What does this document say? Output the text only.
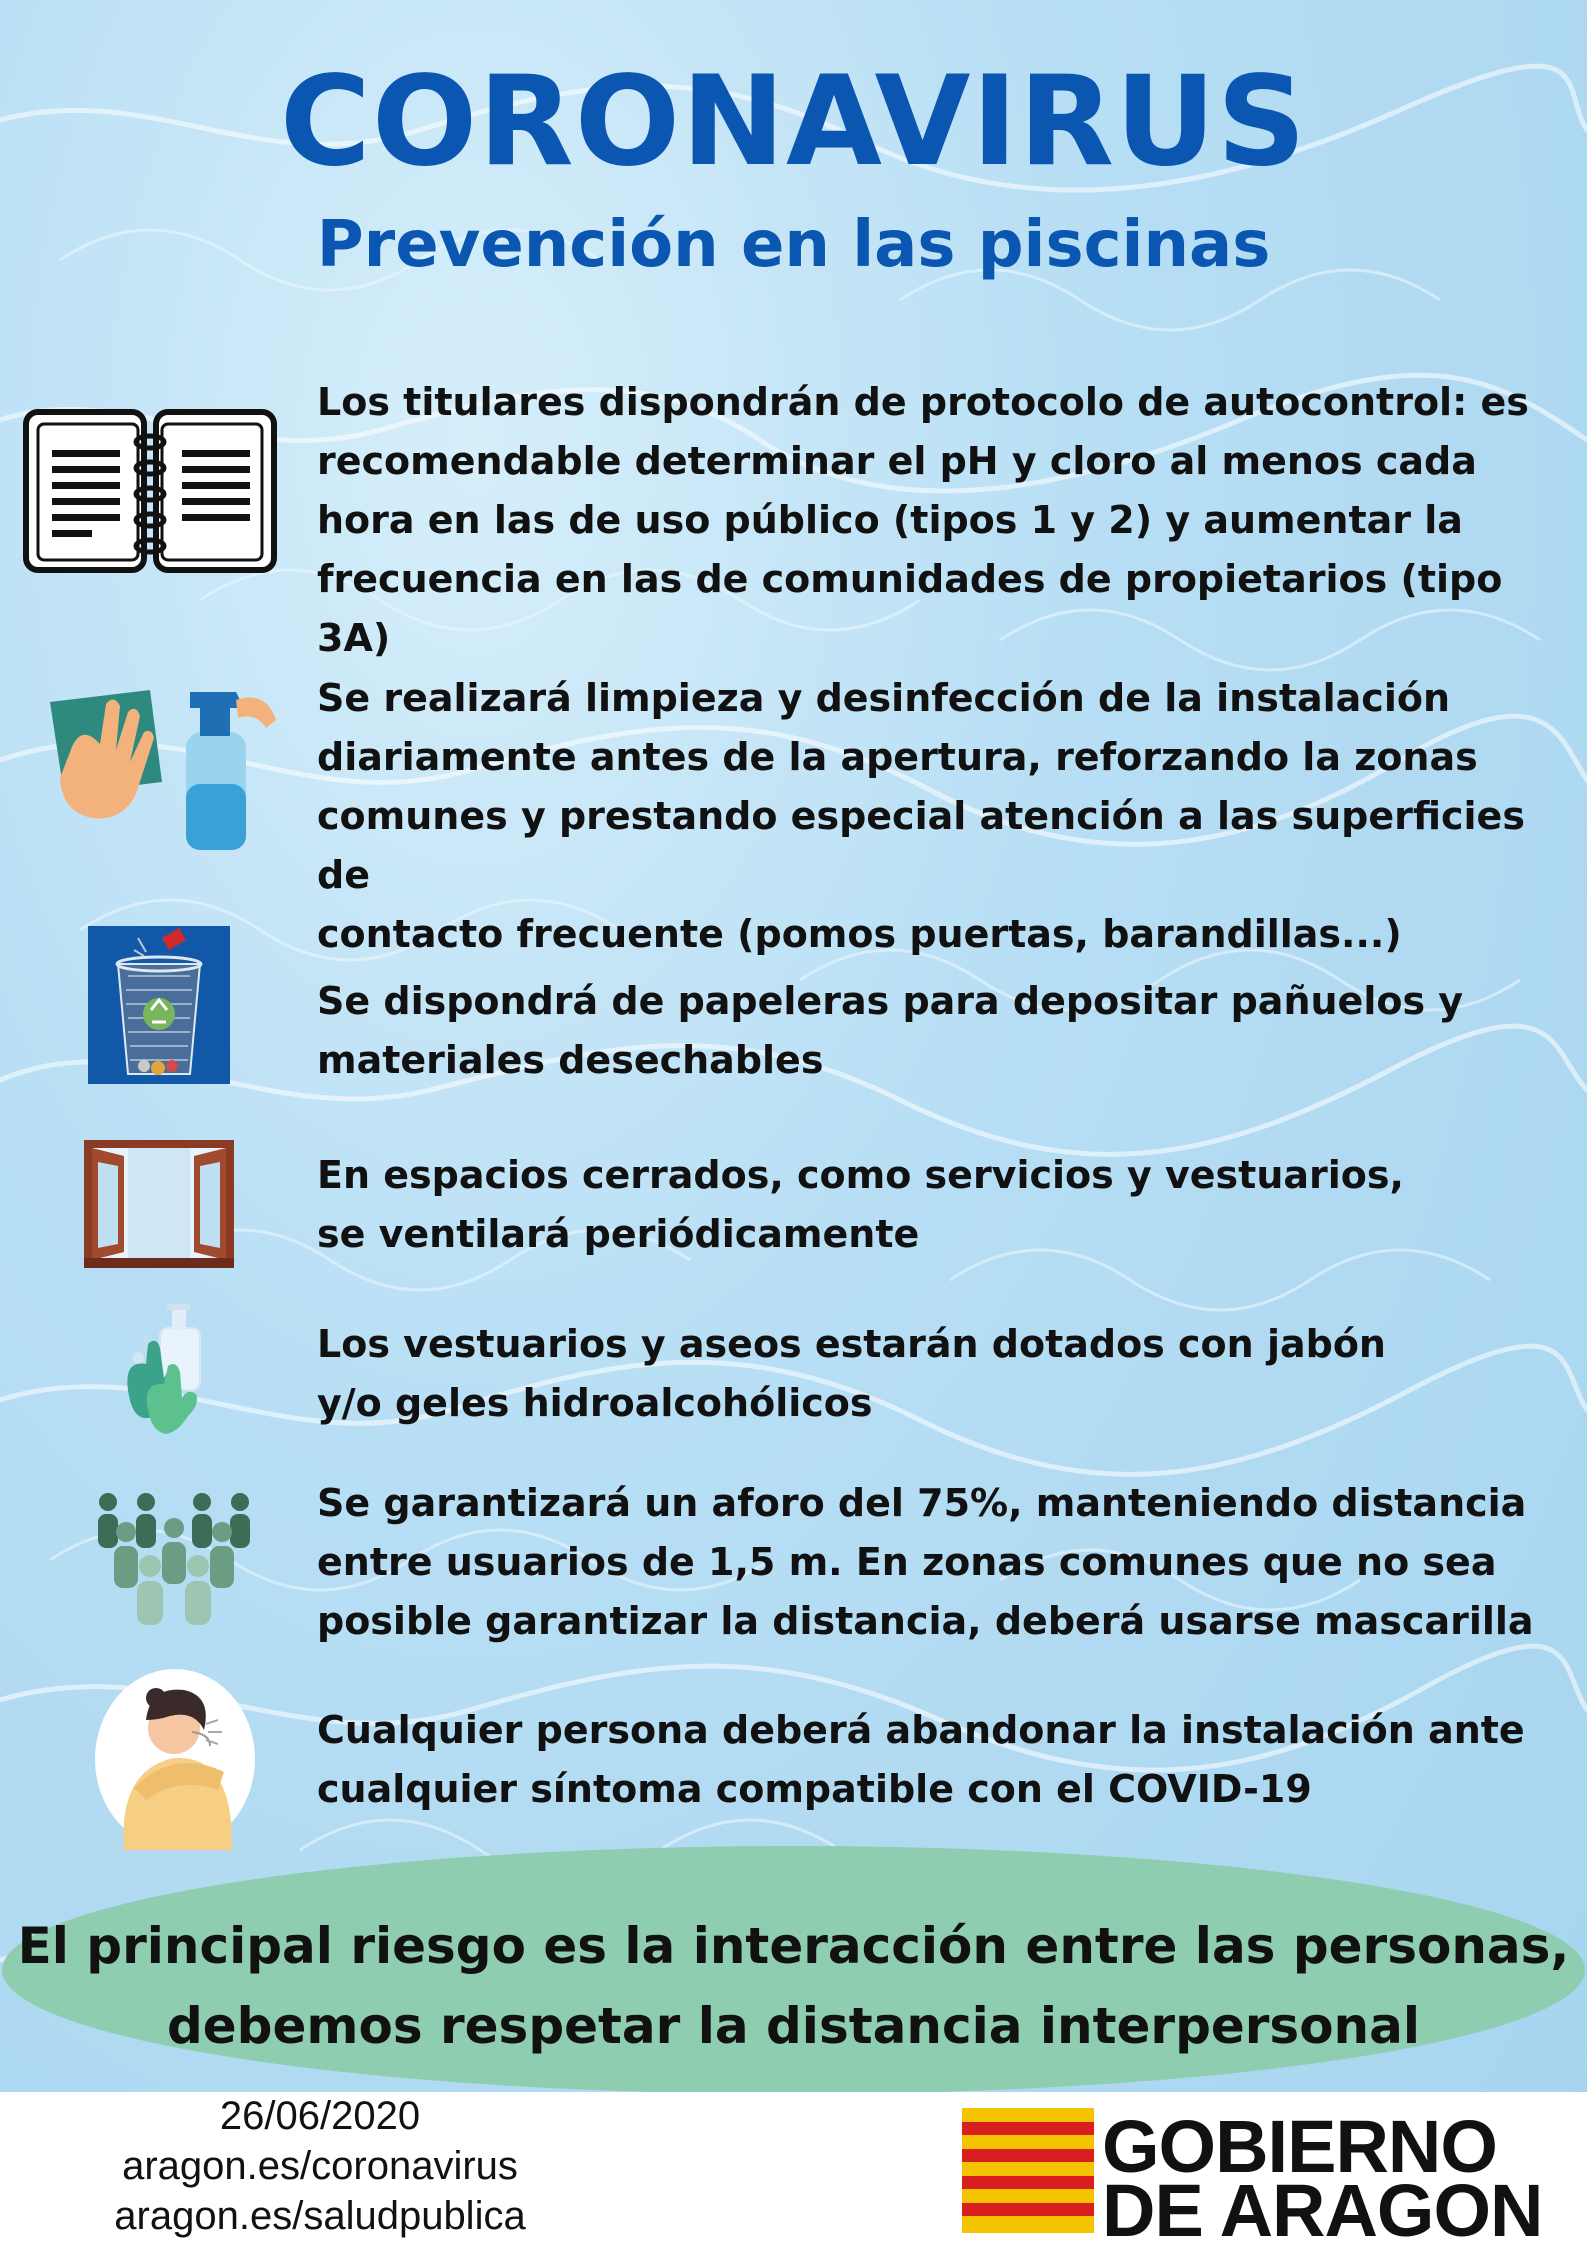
CORONAVIRUS
Prevención en las piscinas

Los titulares dispondrán de protocolo de autocontrol: es
recomendable determinar el pH y cloro al menos cada
hora en las de uso público (tipos 1 y 2) y aumentar la
frecuencia en las de comunidades de propietarios (tipo 3A)

Se realizará limpieza y desinfección de la instalación
diariamente antes de la apertura, reforzando la zonas
comunes y prestando especial atención a las superficies de
contacto frecuente (pomos puertas, barandillas...)

Se dispondrá de papeleras para depositar pañuelos y
materiales desechables

En espacios cerrados, como servicios y vestuarios,
se ventilará periódicamente

Los vestuarios y aseos estarán dotados con jabón
y/o geles hidroalcohólicos

Se garantizará un aforo del 75%, manteniendo distancia
entre usuarios de 1,5 m. En zonas comunes que no sea
posible garantizar la distancia, deberá usarse mascarilla

Cualquier persona deberá abandonar la instalación ante
cualquier síntoma compatible con el COVID-19

El principal riesgo es la interacción entre las personas,
debemos respetar la distancia interpersonal

26/06/2020

aragon.es/coronavirus

aragon.es/saludpublica

GOBIERNO

DE ARAGON
